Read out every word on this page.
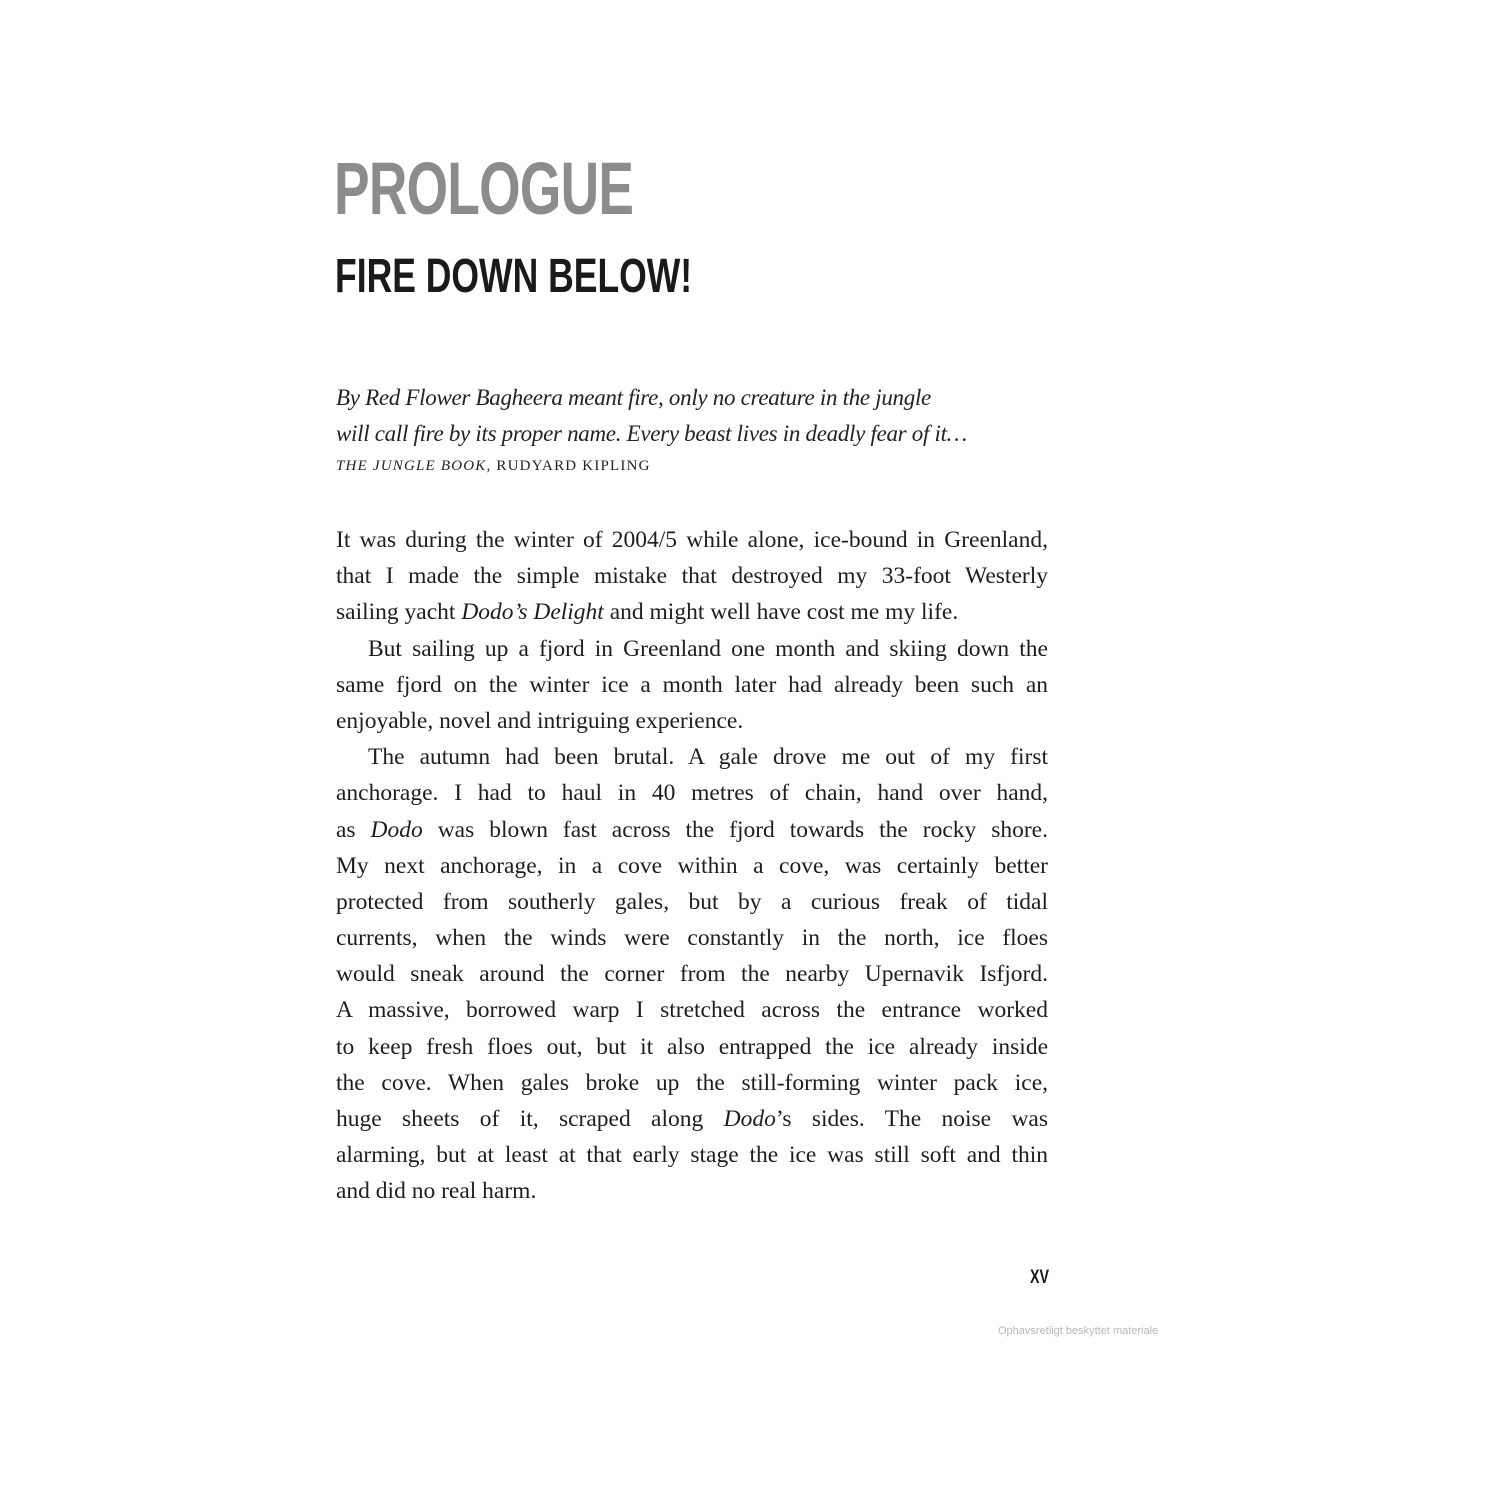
PROLOGUE
FIRE DOWN BELOW!
By Red Flower Bagheera meant fire, only no creature in the jungle
will call fire by its proper name. Every beast lives in deadly fear of it…
THE JUNGLE BOOK, RUDYARD KIPLING
It was during the winter of 2004/5 while alone, ice-bound in Greenland,
that I made the simple mistake that destroyed my 33-foot Westerly
sailing yacht Dodo’s Delight and might well have cost me my life.
But sailing up a fjord in Greenland one month and skiing down the
same fjord on the winter ice a month later had already been such an
enjoyable, novel and intriguing experience.
The autumn had been brutal. A gale drove me out of my first
anchorage. I had to haul in 40 metres of chain, hand over hand,
as Dodo was blown fast across the fjord towards the rocky shore.
My next anchorage, in a cove within a cove, was certainly better
protected from southerly gales, but by a curious freak of tidal
currents, when the winds were constantly in the north, ice floes
would sneak around the corner from the nearby Upernavik Isfjord.
A massive, borrowed warp I stretched across the entrance worked
to keep fresh floes out, but it also entrapped the ice already inside
the cove. When gales broke up the still-forming winter pack ice,
huge sheets of it, scraped along Dodo’s sides. The noise was
alarming, but at least at that early stage the ice was still soft and thin
and did no real harm.
XV
Ophavsretligt beskyttet materiale
